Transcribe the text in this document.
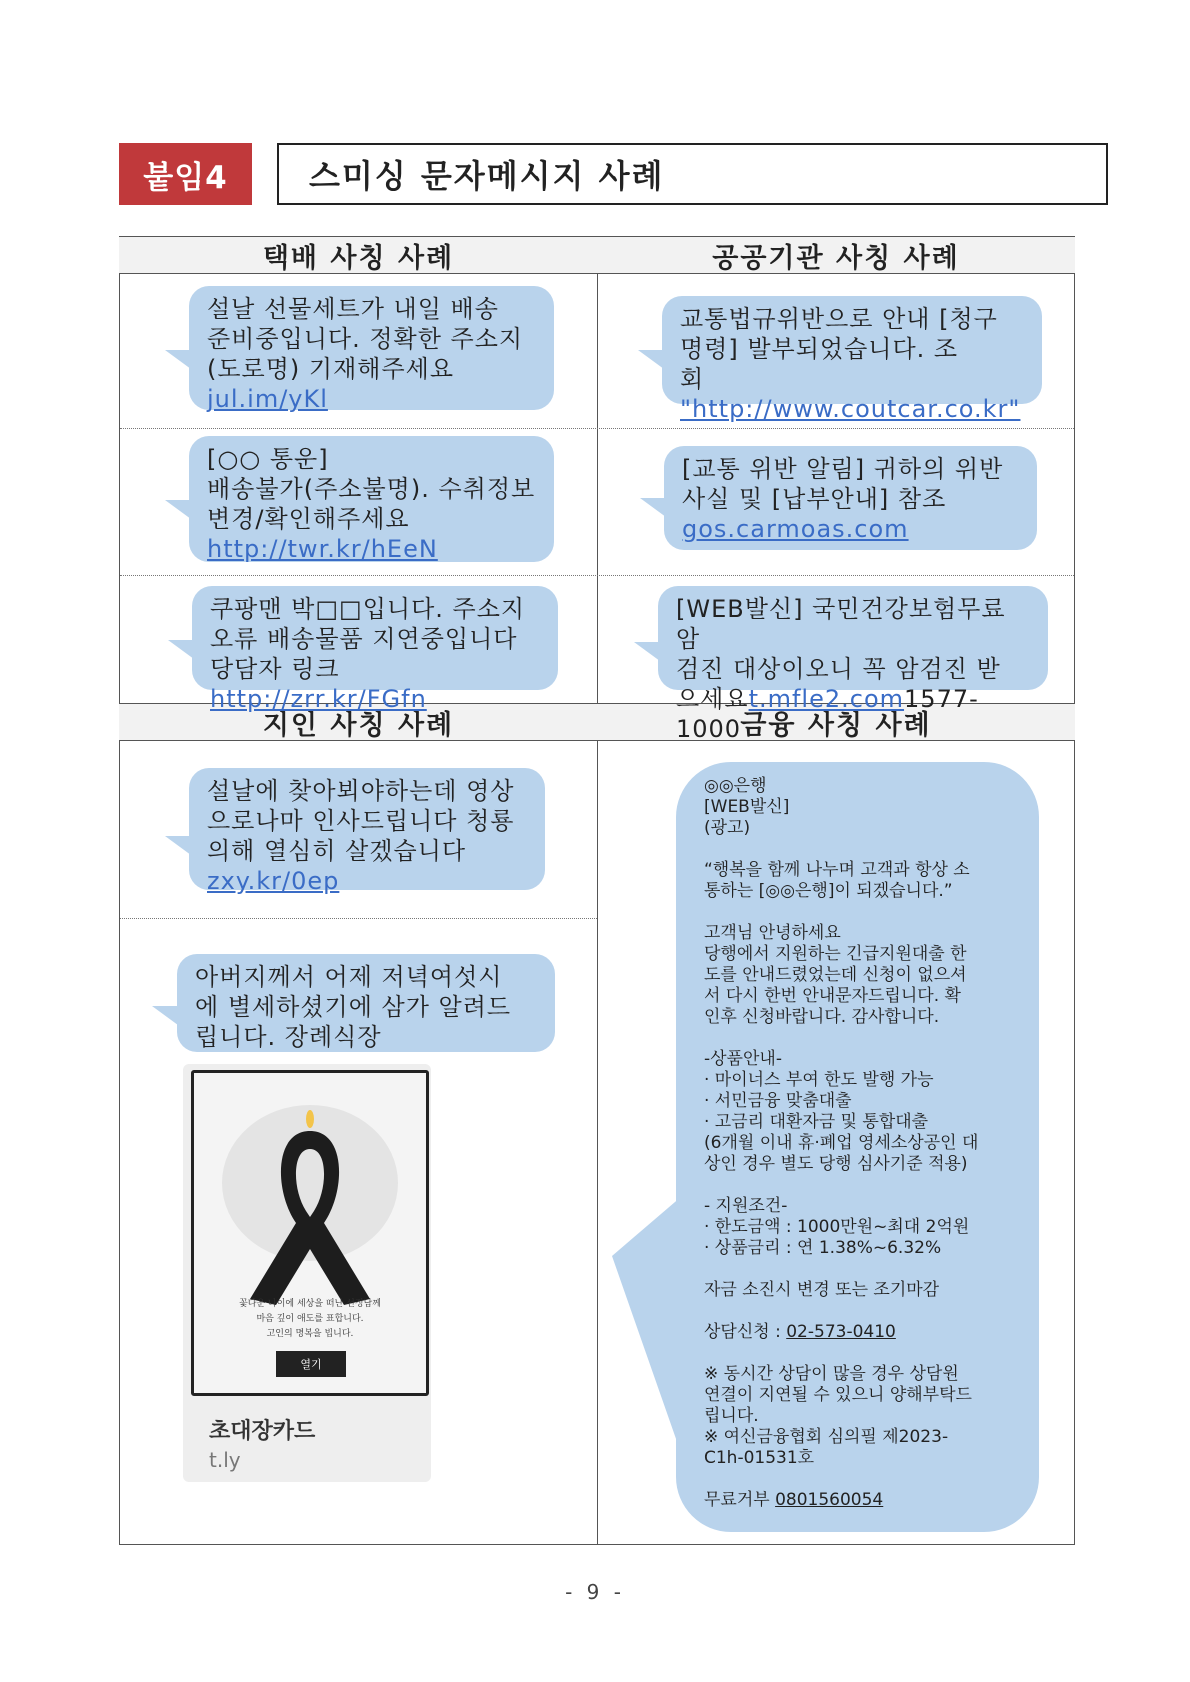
붙임4	스미싱 문자메시지 사례
택배 사칭 사례	공공기관 사칭 사례
지인 사칭 사례	금융 사칭 사례
설날 선물세트가 내일 배송
준비중입니다. 정확한 주소지
(도로명) 기재해주세요
jul.im/yKl
[○○ 통운]
배송불가(주소불명). 수취정보
변경/확인해주세요
http://twr.kr/hEeN
쿠팡맨 박□□입니다. 주소지
오류 배송물품 지연중입니다
당담자 링크 http://zrr.kr/FGfn
교통법규위반으로 안내 [청구
명령] 발부되었습니다. 조
회 "http://www.coutcar.co.kr"
[교통 위반 알림] 귀하의 위반
사실 및 [납부안내] 참조
gos.carmoas.com
[WEB발신] 국민건강보험무료 암
검진 대상이오니 꼭 암검진 받
으세요t.mfle2.com1577-1000
설날에 찾아뵈야하는데 영상
으로나마 인사드립니다 청룡
의해 열심히 살겠습니다
zxy.kr/0ep
아버지께서 어제 저녁여섯시
에 별세하셨기에 삼가 알려드
립니다. 장례식장
꽃다운 나이에 세상을 떠난 선정남께
마음 깊이 애도를 표합니다.
고인의 명복을 빕니다.
열기
초대장카드
t.ly

◎◎은행

[WEB발신]

(광고)

“행복을 함께 나누며 고객과 항상 소

통하는 [◎◎은행]이 되겠습니다.”

고객님 안녕하세요

당행에서 지원하는 긴급지원대출 한

도를 안내드렸었는데 신청이 없으셔

서 다시 한번 안내문자드립니다. 확

인후 신청바랍니다. 감사합니다.

-상품안내-

· 마이너스 부여 한도 발행 가능

· 서민금융 맞춤대출

· 고금리 대환자금 및 통합대출

(6개월 이내 휴·폐업 영세소상공인 대

상인 경우 별도 당행 심사기준 적용)

- 지원조건-

· 한도금액 : 1000만원~최대 2억원

· 상품금리 : 연 1.38%~6.32%

자금 소진시 변경 또는 조기마감

상담신청 : 02-573-0410

※ 동시간 상담이 많을 경우 상담원

연결이 지연될 수 있으니 양해부탁드

립니다.

※ 여신금융협회 심의필 제2023-

C1h-01531호

무료거부 0801560054

- 9 -
